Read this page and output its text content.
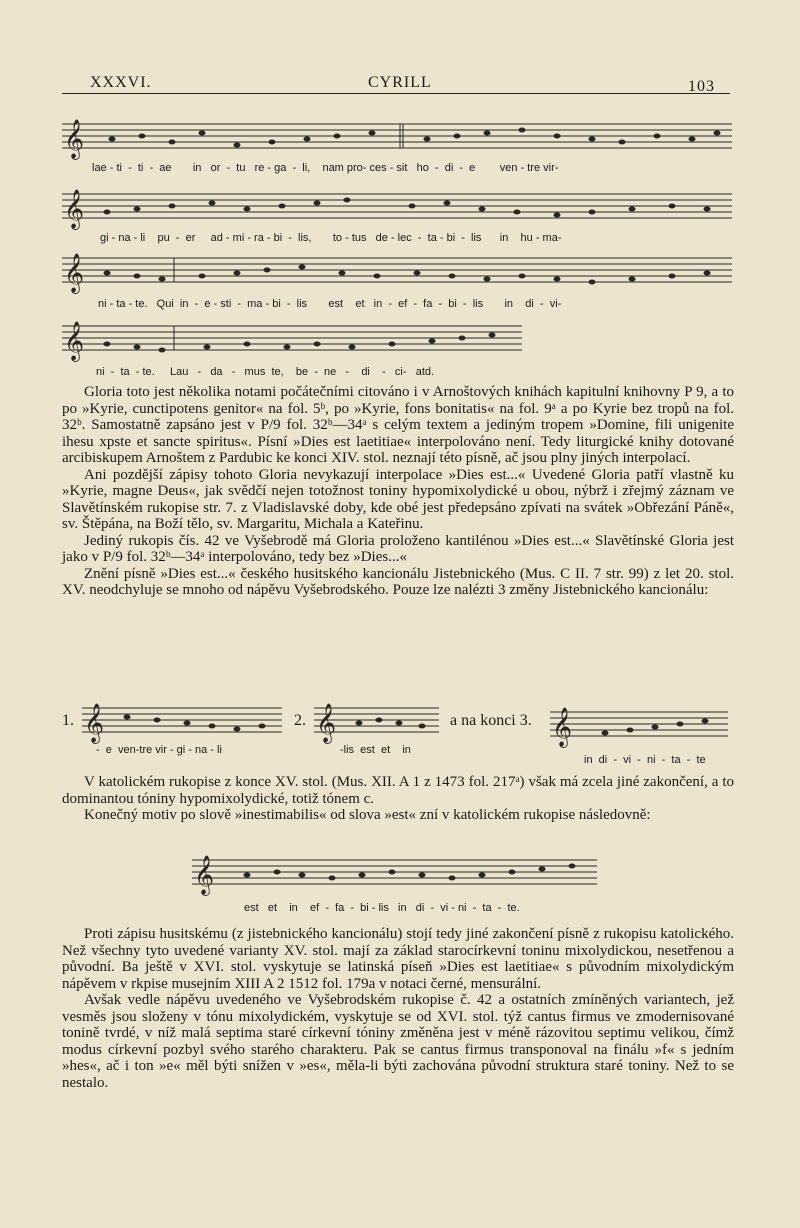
XXXVI.	CYRILL	103
𝄞
lae - ti  -  ti  -  ae       in   or  -  tu   re - ga  -  li,    nam pro- ces - sit   ho  -  di  -  e        ven - tre vir-
𝄞
gi - na - li    pu  -  er     ad - mi - ra - bi  -  lis,       to - tus   de - lec  -  ta - bi  -  lis      in    hu - ma-
𝄞
ni - ta - te.   Qui  in  -  e - sti  -  ma - bi  -  lis       est    et   in  -  ef  -  fa  -  bi  -  lis       in    di  -  vi-
𝄞
ni  -  ta  - te.     Lau   -   da   -   mus  te,    be  -  ne   -    di    -   ci-   atd.

Gloria toto jest několika notami počátečními citováno i v Arnoštových knihách kapitulní knihovny P 9, a to po »Kyrie, cunctipotens genitor« na fol. 5ᵇ, po »Kyrie, fons bonitatis« na fol. 9ᵃ a po Kyrie bez tropů na fol. 32ᵇ. Samostatně zapsáno jest v P/9 fol. 32ᵇ—34ᵃ s celým textem a jediným tropem »Domine, fili unigenite ihesu xpste et sancte spiritus«. Písní »Dies est laetitiae« interpolováno není. Tedy liturgické knihy dotované arcibiskupem Arnoštem z Pardubic ke konci XIV. stol. neznají této písně, ač jsou plny jiných interpolací.

Ani pozdější zápisy tohoto Gloria nevykazují interpolace »Dies est...« Uvedené Gloria patří vlastně ku »Kyrie, magne Deus«, jak svědčí nejen totožnost toniny hypomixolydické u obou, nýbrž i zřejmý záznam ve Slavětínském rukopise str. 7. z Vladislavské doby, kde obé jest předepsáno zpívati na svátek »Obřezání Páně«, sv. Štěpána, na Boží tělo, sv. Margaritu, Michala a Kateřinu.

Jediný rukopis čís. 42 ve Vyšebrodě má Gloria proloženo kantilénou »Dies est...« Slavětínské Gloria jest jako v P/9 fol. 32ᵇ—34ᵃ interpolováno, tedy bez »Dies...«

Znění písně »Dies est...« českého husitského kancionálu Jistebnického (Mus. C II. 7 str. 99) z let 20. stol. XV. neodchyluje se mnoho od nápěvu Vyšebrodského. Pouze lze nalézti 3 změny Jistebnického kancionálu:

1. 𝄞
-  e  ven-tre vir - gi - na - li
2. 𝄞
-lis  est  et    in
a na konci 3. 𝄞
in  di  -  vi  -  ni  -  ta  -  te

V katolickém rukopise z konce XV. stol. (Mus. XII. A 1 z 1473 fol. 217ᵃ) však má zcela jiné zakončení, a to dominantou tóniny hypomixolydické, totiž tónem c.

Konečný motiv po slově »inestimabilis« od slova »est« zní v katolickém rukopise následovně:

𝄞
est   et    in    ef  -  fa  -  bi - lis   in   di  -  vi - ni  -  ta  -  te.

Proti zápisu husitskému (z jistebnického kancionálu) stojí tedy jiné zakončení písně z rukopisu katolického. Než všechny tyto uvedené varianty XV. stol. mají za základ starocírkevní toninu mixolydickou, nesetřenou a původní. Ba ještě v XVI. stol. vyskytuje se latinská píseň »Dies est laetitiae« s původním mixolydickým nápěvem v rkpise musejním XIII A 2 1512 fol. 179a v notaci černé, mensurální.

Avšak vedle nápěvu uvedeného ve Vyšebrodském rukopise č. 42 a ostatních zmíněných variantech, jež vesměs jsou složeny v tónu mixolydickém, vyskytuje se od XVI. stol. týž cantus firmus ve zmodernisované tonině tvrdé, v níž malá septima staré církevní tóniny změněna jest v méně rázovitou septimu velikou, čímž modus církevní pozbyl svého starého charakteru. Pak se cantus firmus transponoval na finálu »f« s jedním »hes«, ač i ton »e« měl býti snížen v »es«, měla-li býti zachována původní struktura staré toniny. Než to se nestalo.
